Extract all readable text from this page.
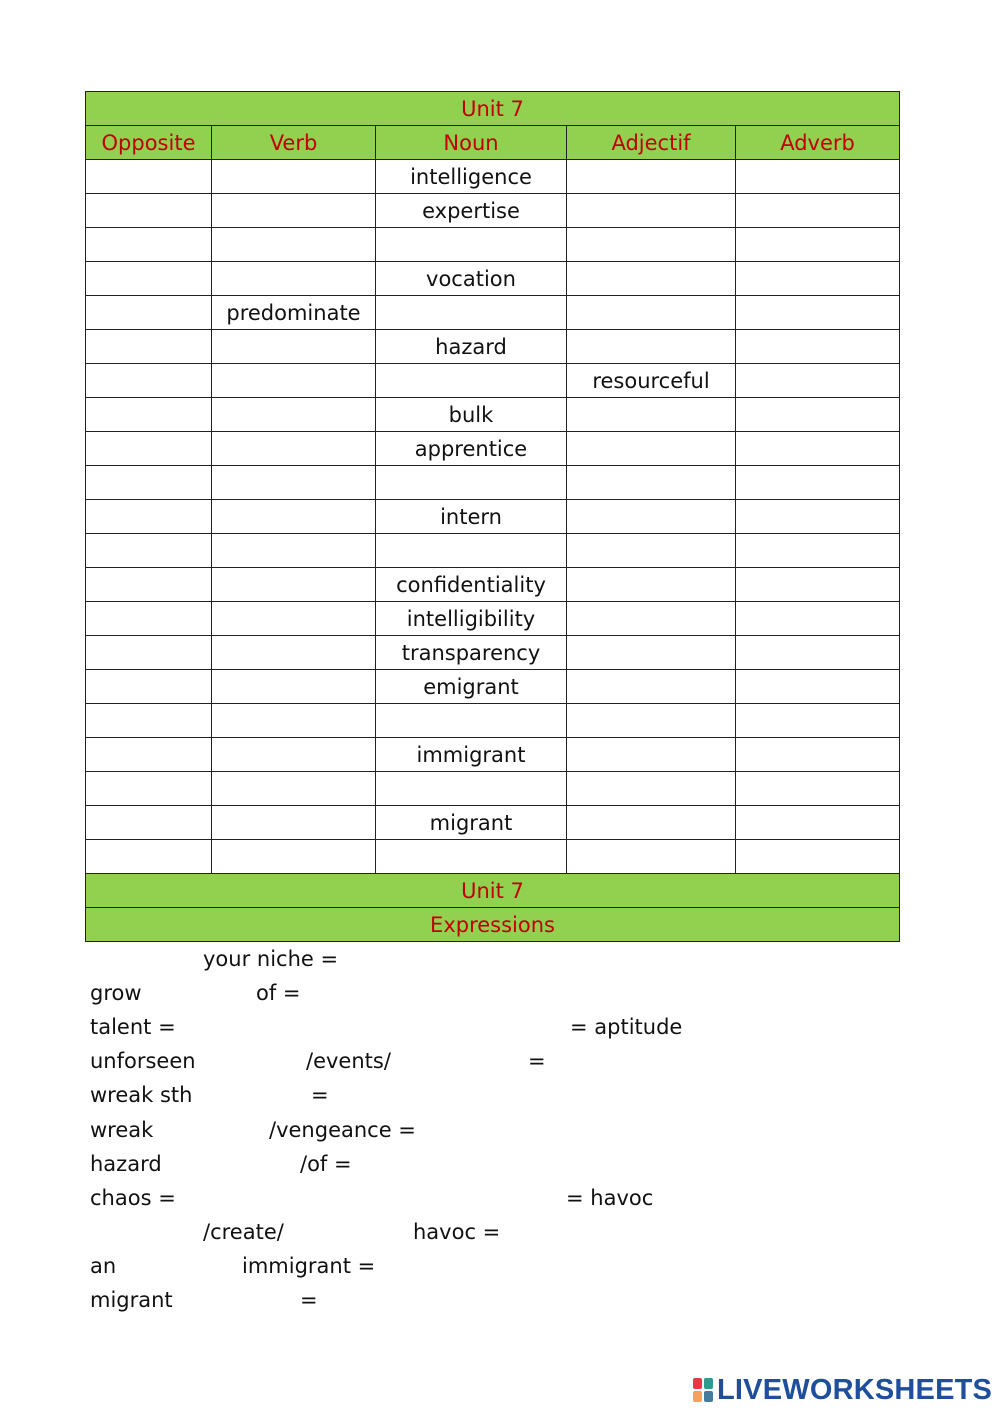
Unit 7				
Opposite	Verb	Noun	Adjectif	Adverb
		intelligence		
		expertise		

		vocation		
	predominate			
		hazard		
			resourceful	
		bulk		
		apprentice		

		intern		

		confidentiality		
		intelligibility		
		transparency		
		emigrant		

		immigrant		

		migrant		

Unit 7				
Expressions				
your niche =
grow	of =
talent =	= aptitude
unforseen	/events/	=
wreak sth	=
wreak	/vengeance =
hazard	/of =
chaos =	= havoc
/create/	havoc =
an	immigrant =
migrant	=
LIVEWORKSHEETS
